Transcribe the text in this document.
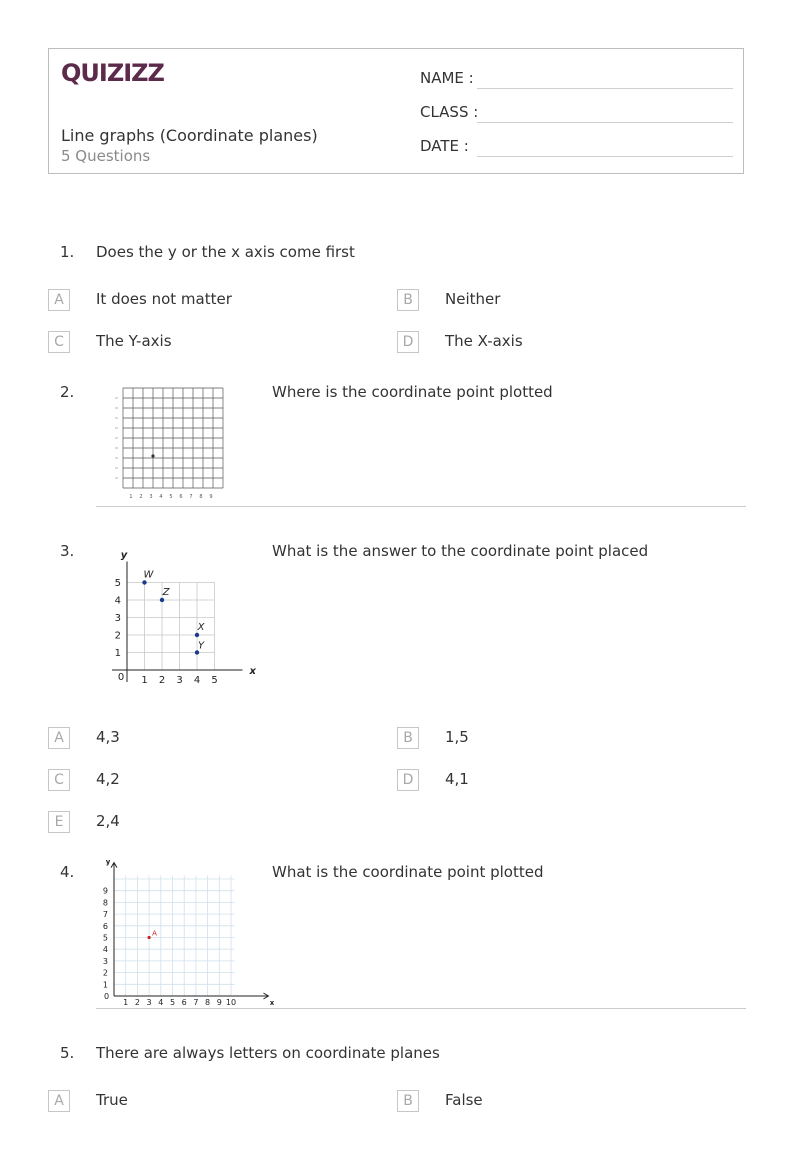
QUIZIZZ
Line graphs (Coordinate planes)
5 Questions
NAME :
CLASS :
DATE :
1. Does the y or the x axis come first
A	It does not matter	B	Neither
C	The Y-axis	D	The X-axis
2.	Where is the coordinate point plotted
1 2 3 4 5 6 7 8 9
3.	What is the answer to the coordinate point placed
x
y
0 1 2 3 4 5
1
2
3
4
5
W
Z
X
Y
A	4,3	B	1,5
C	4,2	D	4,1
E	2,4
4.	What is the coordinate point plotted
x
y
0
1 2 3 4 5 6 7 8 9 10
1
2
3
4
5
6
7
8
9
A
5. There are always letters on coordinate planes
A	True	B	False
